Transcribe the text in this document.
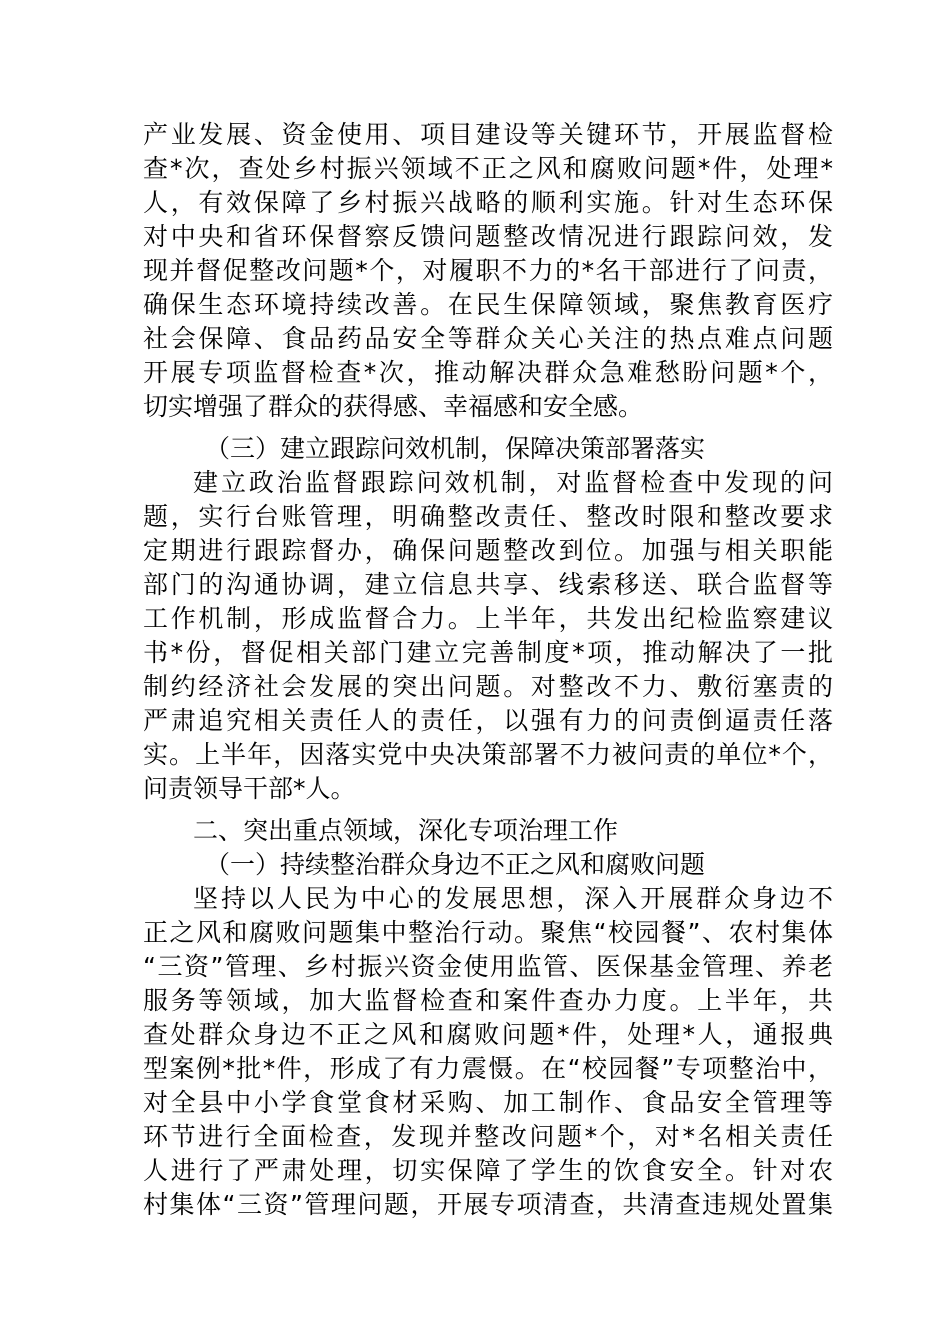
产业发展、资金使用、项目建设等关键环节，开展监督检
查*次，查处乡村振兴领域不正之风和腐败问题*件，处理*
人，有效保障了乡村振兴战略的顺利实施。针对生态环保
对中央和省环保督察反馈问题整改情况进行跟踪问效，发
现并督促整改问题*个，对履职不力的*名干部进行了问责，
确保生态环境持续改善。在民生保障领域，聚焦教育医疗
社会保障、食品药品安全等群众关心关注的热点难点问题
开展专项监督检查*次，推动解决群众急难愁盼问题*个，
切实增强了群众的获得感、幸福感和安全感。
（三）建立跟踪问效机制，保障决策部署落实
建立政治监督跟踪问效机制，对监督检查中发现的问
题，实行台账管理，明确整改责任、整改时限和整改要求
定期进行跟踪督办，确保问题整改到位。加强与相关职能
部门的沟通协调，建立信息共享、线索移送、联合监督等
工作机制，形成监督合力。上半年，共发出纪检监察建议
书*份，督促相关部门建立完善制度*项，推动解决了一批
制约经济社会发展的突出问题。对整改不力、敷衍塞责的
严肃追究相关责任人的责任，以强有力的问责倒逼责任落
实。上半年，因落实党中央决策部署不力被问责的单位*个，
问责领导干部*人。
二、突出重点领域，深化专项治理工作
（一）持续整治群众身边不正之风和腐败问题
坚持以人民为中心的发展思想，深入开展群众身边不
正之风和腐败问题集中整治行动。聚焦“校园餐”、农村集体
“三资”管理、乡村振兴资金使用监管、医保基金管理、养老
服务等领域，加大监督检查和案件查办力度。上半年，共
查处群众身边不正之风和腐败问题*件，处理*人，通报典
型案例*批*件，形成了有力震慑。在“校园餐”专项整治中，
对全县中小学食堂食材采购、加工制作、食品安全管理等
环节进行全面检查，发现并整改问题*个，对*名相关责任
人进行了严肃处理，切实保障了学生的饮食安全。针对农
村集体“三资”管理问题，开展专项清查，共清查违规处置集
